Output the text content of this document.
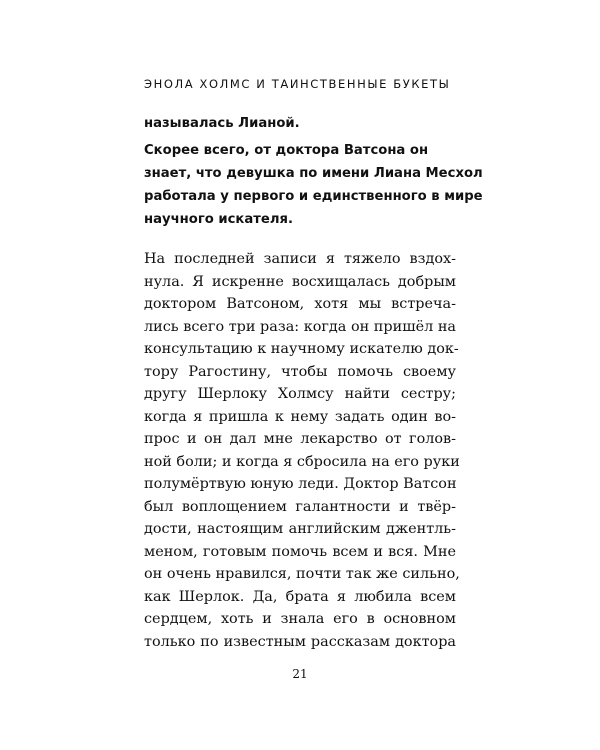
ЭНОЛА ХОЛМС И ТАИНСТВЕННЫЕ БУКЕТЫ
называлась Лианой.
Скорее всего, от доктора Ватсона он
знает, что девушка по имени Лиана Месхол
работала у первого и единственного в мире
научного искателя.
На последней записи я тяжело вздох-
нула. Я искренне восхищалась добрым
доктором Ватсоном, хотя мы встреча-
лись всего три раза: когда он пришёл на
консультацию к научному искателю док-
тору Рагостину, чтобы помочь своему
другу Шерлоку Холмсу найти сестру;
когда я пришла к нему задать один во-
прос и он дал мне лекарство от голов-
ной боли; и когда я сбросила на его руки
полумёртвую юную леди. Доктор Ватсон
был воплощением галантности и твёр-
дости, настоящим английским джентль-
меном, готовым помочь всем и вся. Мне
он очень нравился, почти так же сильно,
как Шерлок. Да, брата я любила всем
сердцем, хоть и знала его в основном
только по известным рассказам доктора
21
